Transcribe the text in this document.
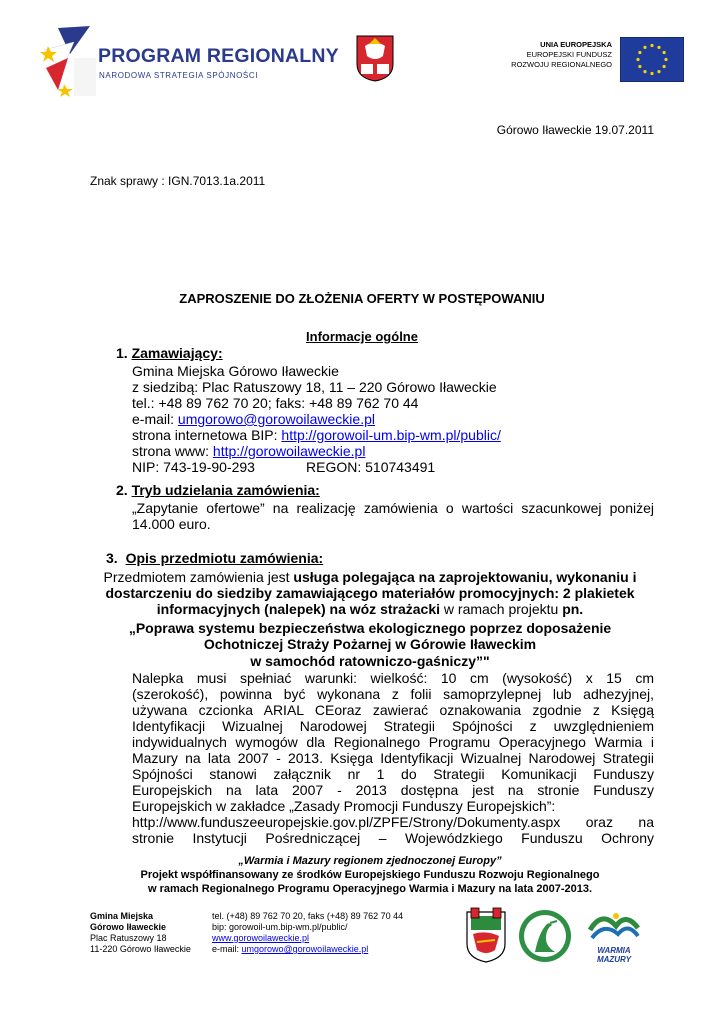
PROGRAM REGIONALNY
NARODOWA STRATEGIA SPÓJNOŚCI
UNIA EUROPEJSKA
EUROPEJSKI FUNDUSZ
ROZWOJU REGIONALNEGO
Górowo Iławeckie 19.07.2011
Znak sprawy : IGN.7013.1a.2011
ZAPROSZENIE DO ZŁOŻENIA OFERTY W POSTĘPOWANIU
Informacje ogólne
1. Zamawiający:
Gmina Miejska Górowo Iławeckie
z siedzibą: Plac Ratuszowy 18, 11 – 220 Górowo Iławeckie
tel.: +48 89 762 70 20; faks: +48 89 762 70 44
e-mail: umgorowo@gorowoilaweckie.pl
strona internetowa BIP: http://gorowoil-um.bip-wm.pl/public/
strona www: http://gorowoilaweckie.pl
NIP: 743-19-90-293	REGON: 510743491
2. Tryb udzielania zamówienia:
„Zapytanie ofertowe” na realizację zamówienia o wartości szacunkowej poniżej
14.000 euro.
3. Opis przedmiotu zamówienia:
Przedmiotem zamówienia jest usługa polegająca na zaprojektowaniu, wykonaniu i
dostarczeniu do siedziby zamawiającego materiałów promocyjnych: 2 plakietek
informacyjnych (nalepek) na wóz strażacki w ramach projektu pn.
„Poprawa systemu bezpieczeństwa ekologicznego poprzez doposażenie
Ochotniczej Straży Pożarnej w Górowie Iławeckim
w samochód ratowniczo-gaśniczy”"
Nalepka musi spełniać warunki: wielkość: 10 cm (wysokość) x 15 cm
(szerokość), powinna być wykonana z folii samoprzylepnej lub adhezyjnej,
używana czcionka ARIAL CEoraz zawierać oznakowania zgodnie z Księgą
Identyfikacji Wizualnej Narodowej Strategii Spójności z uwzględnieniem
indywidualnych wymogów dla Regionalnego Programu Operacyjnego Warmia i
Mazury na lata 2007 - 2013. Księga Identyfikacji Wizualnej Narodowej Strategii
Spójności stanowi załącznik nr 1 do Strategii Komunikacji Funduszy
Europejskich na lata 2007 - 2013 dostępna jest na stronie Funduszy
Europejskich w zakładce „Zasady Promocji Funduszy Europejskich”:
http://www.funduszeeuropejskie.gov.pl/ZPFE/Strony/Dokumenty.aspx oraz na
stronie Instytucji Pośredniczącej – Wojewódzkiego Funduszu Ochrony
„Warmia i Mazury regionem zjednoczonej Europy”
Projekt współfinansowany ze środków Europejskiego Funduszu Rozwoju Regionalnego
w ramach Regionalnego Programu Operacyjnego Warmia i Mazury na lata 2007-2013.
Gmina Miejska
Górowo Iławeckie
Plac Ratuszowy 18
11-220 Górowo Iławeckie
tel. (+48) 89 762 70 20, faks (+48) 89 762 70 44
bip: gorowoil-um.bip-wm.pl/public/
www.gorowoilaweckie.pl
e-mail: umgorowo@gorowoilaweckie.pl	WARMIA
MAZURY
